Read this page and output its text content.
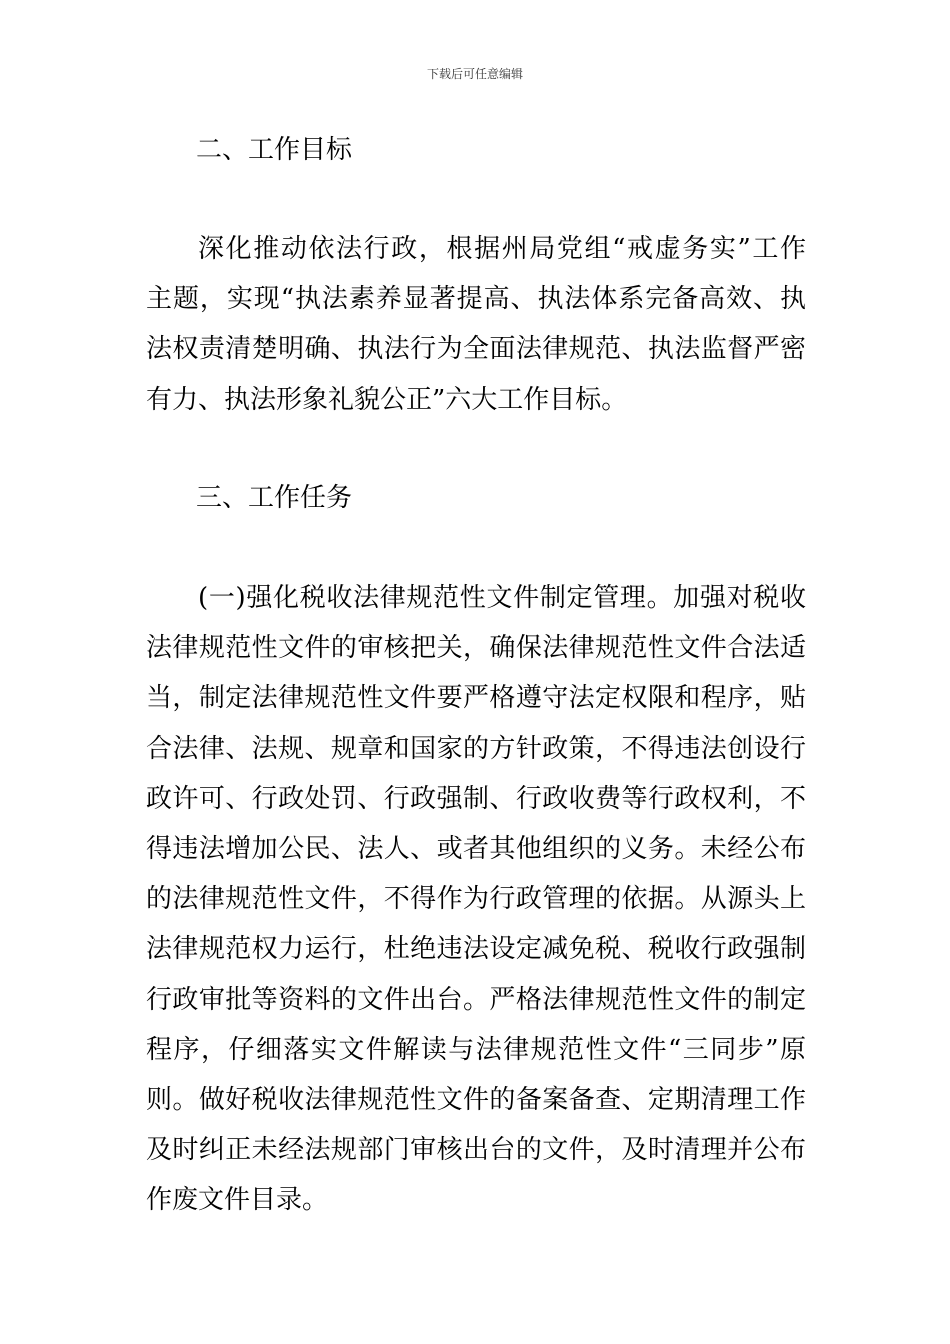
下载后可任意编辑
二、工作目标
深化推动依法行政，根据州局党组“戒虚务实”工作
主题，实现“执法素养显著提高、执法体系完备高效、执
法权责清楚明确、执法行为全面法律规范、执法监督严密
有力、执法形象礼貌公正”六大工作目标。
三、工作任务
(一)强化税收法律规范性文件制定管理。加强对税收
法律规范性文件的审核把关，确保法律规范性文件合法适
当，制定法律规范性文件要严格遵守法定权限和程序，贴
合法律、法规、规章和国家的方针政策，不得违法创设行
政许可、行政处罚、行政强制、行政收费等行政权利，不
得违法增加公民、法人、或者其他组织的义务。未经公布
的法律规范性文件，不得作为行政管理的依据。从源头上
法律规范权力运行，杜绝违法设定减免税、税收行政强制
行政审批等资料的文件出台。严格法律规范性文件的制定
程序，仔细落实文件解读与法律规范性文件“三同步”原
则。做好税收法律规范性文件的备案备查、定期清理工作
及时纠正未经法规部门审核出台的文件，及时清理并公布
作废文件目录。
